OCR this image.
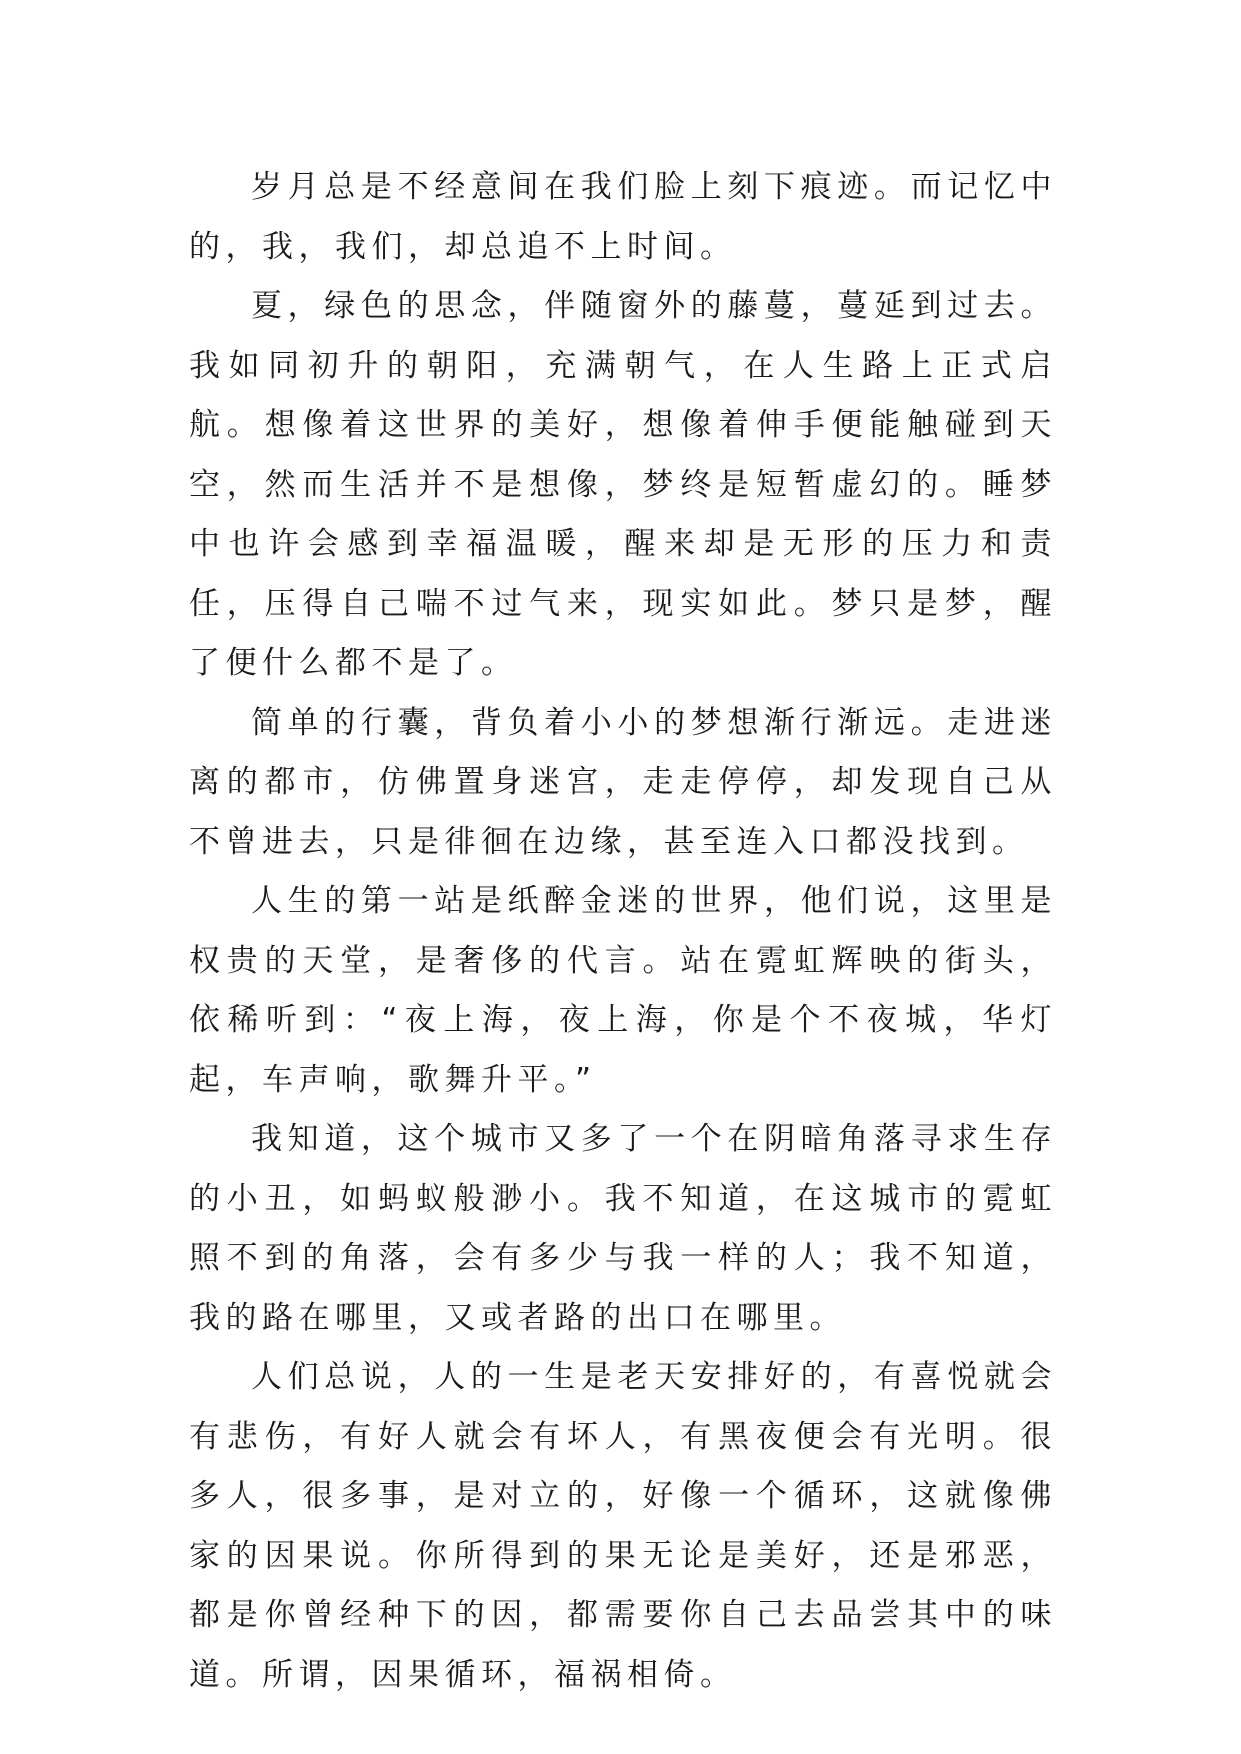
岁月总是不经意间在我们脸上刻下痕迹。而记忆中的，我，我们，却总追不上时间。

夏，绿色的思念，伴随窗外的藤蔓，蔓延到过去。我如同初升的朝阳，充满朝气，在人生路上正式启航。想像着这世界的美好，想像着伸手便能触碰到天空，然而生活并不是想像，梦终是短暂虚幻的。睡梦中也许会感到幸福温暖，醒来却是无形的压力和责任，压得自己喘不过气来，现实如此。梦只是梦，醒了便什么都不是了。

简单的行囊，背负着小小的梦想渐行渐远。走进迷离的都市，仿佛置身迷宫，走走停停，却发现自己从不曾进去，只是徘徊在边缘，甚至连入口都没找到。

人生的第一站是纸醉金迷的世界，他们说，这里是权贵的天堂，是奢侈的代言。站在霓虹辉映的街头，依稀听到：“夜上海，夜上海，你是个不夜城，华灯起，车声响，歌舞升平。”

我知道，这个城市又多了一个在阴暗角落寻求生存的小丑，如蚂蚁般渺小。我不知道，在这城市的霓虹照不到的角落，会有多少与我一样的人；我不知道，我的路在哪里，又或者路的出口在哪里。

人们总说，人的一生是老天安排好的，有喜悦就会有悲伤，有好人就会有坏人，有黑夜便会有光明。很多人，很多事，是对立的，好像一个循环，这就像佛家的因果说。你所得到的果无论是美好，还是邪恶，都是你曾经种下的因，都需要你自己去品尝其中的味道。所谓，因果循环，福祸相倚。
